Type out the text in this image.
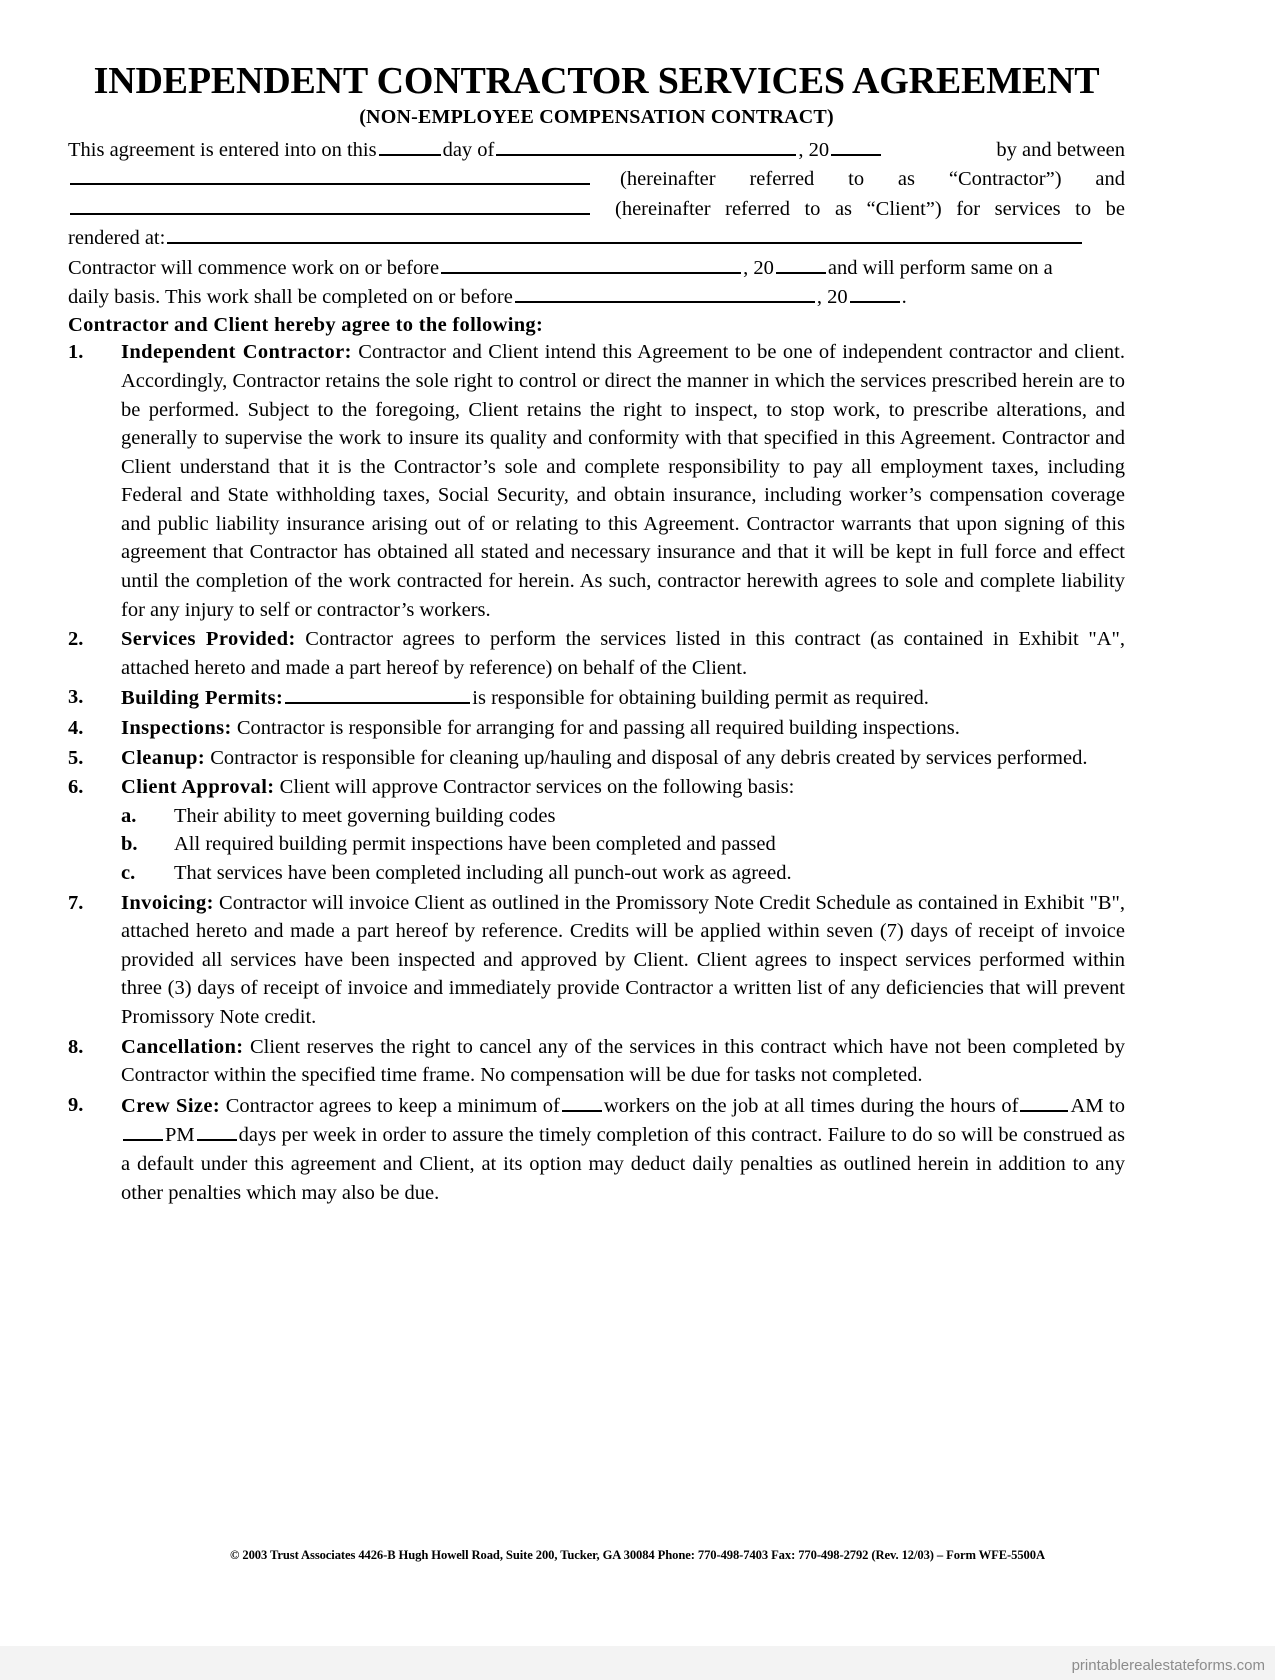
INDEPENDENT CONTRACTOR SERVICES AGREEMENT
(NON-EMPLOYEE COMPENSATION CONTRACT)
This agreement is entered into on this	day of	, 20	by and between
(hereinafter referred to as “Contractor”) and
(hereinafter referred to as “Client”) for services to be
rendered at:
Contractor will commence work on or before	, 20	and will perform same on a
daily basis. This work shall be completed on or before	, 20	.
Contractor and Client hereby agree to the following:
1.	Independent Contractor: Contractor and Client intend this Agreement to be one of independent contractor and client. Accordingly, Contractor retains the sole right to control or direct the manner in which the services prescribed herein are to be performed. Subject to the foregoing, Client retains the right to inspect, to stop work, to prescribe alterations, and generally to supervise the work to insure its quality and conformity with that specified in this Agreement. Contractor and Client understand that it is the Contractor’s sole and complete responsibility to pay all employment taxes, including Federal and State withholding taxes, Social Security, and obtain insurance, including worker’s compensation coverage and public liability insurance arising out of or relating to this Agreement. Contractor warrants that upon signing of this agreement that Contractor has obtained all stated and necessary insurance and that it will be kept in full force and effect until the completion of the work contracted for herein. As such, contractor herewith agrees to sole and complete liability for any injury to self or contractor’s workers.
2.	Services Provided: Contractor agrees to perform the services listed in this contract (as contained in Exhibit "A", attached hereto and made a part hereof by reference) on behalf of the Client.
3.	Building Permits:	is responsible for obtaining building permit as required.
4.	Inspections: Contractor is responsible for arranging for and passing all required building inspections.
5.	Cleanup: Contractor is responsible for cleaning up/hauling and disposal of any debris created by services performed.
6.	Client Approval: Client will approve Contractor services on the following basis:
a.	Their ability to meet governing building codes
b.	All required building permit inspections have been completed and passed
c.	That services have been completed including all punch-out work as agreed.
7.	Invoicing: Contractor will invoice Client as outlined in the Promissory Note Credit Schedule as contained in Exhibit "B", attached hereto and made a part hereof by reference. Credits will be applied within seven (7) days of receipt of invoice provided all services have been inspected and approved by Client. Client agrees to inspect services performed within three (3) days of receipt of invoice and immediately provide Contractor a written list of any deficiencies that will prevent Promissory Note credit.
8.	Cancellation: Client reserves the right to cancel any of the services in this contract which have not been completed by Contractor within the specified time frame. No compensation will be due for tasks not completed.
9.	Crew Size: Contractor agrees to keep a minimum of workers on the job at all times during the hours of	AM toPM days per week in order to assure the timely completion of this contract. Failure to do so will be construed as a default under this agreement and Client, at its option may deduct daily penalties as outlined herein in addition to any other penalties which may also be due.
© 2003 Trust Associates 4426-B Hugh Howell Road, Suite 200, Tucker, GA 30084 Phone: 770-498-7403 Fax: 770-498-2792 (Rev. 12/03) – Form WFE-5500A
printablerealestateforms.com
